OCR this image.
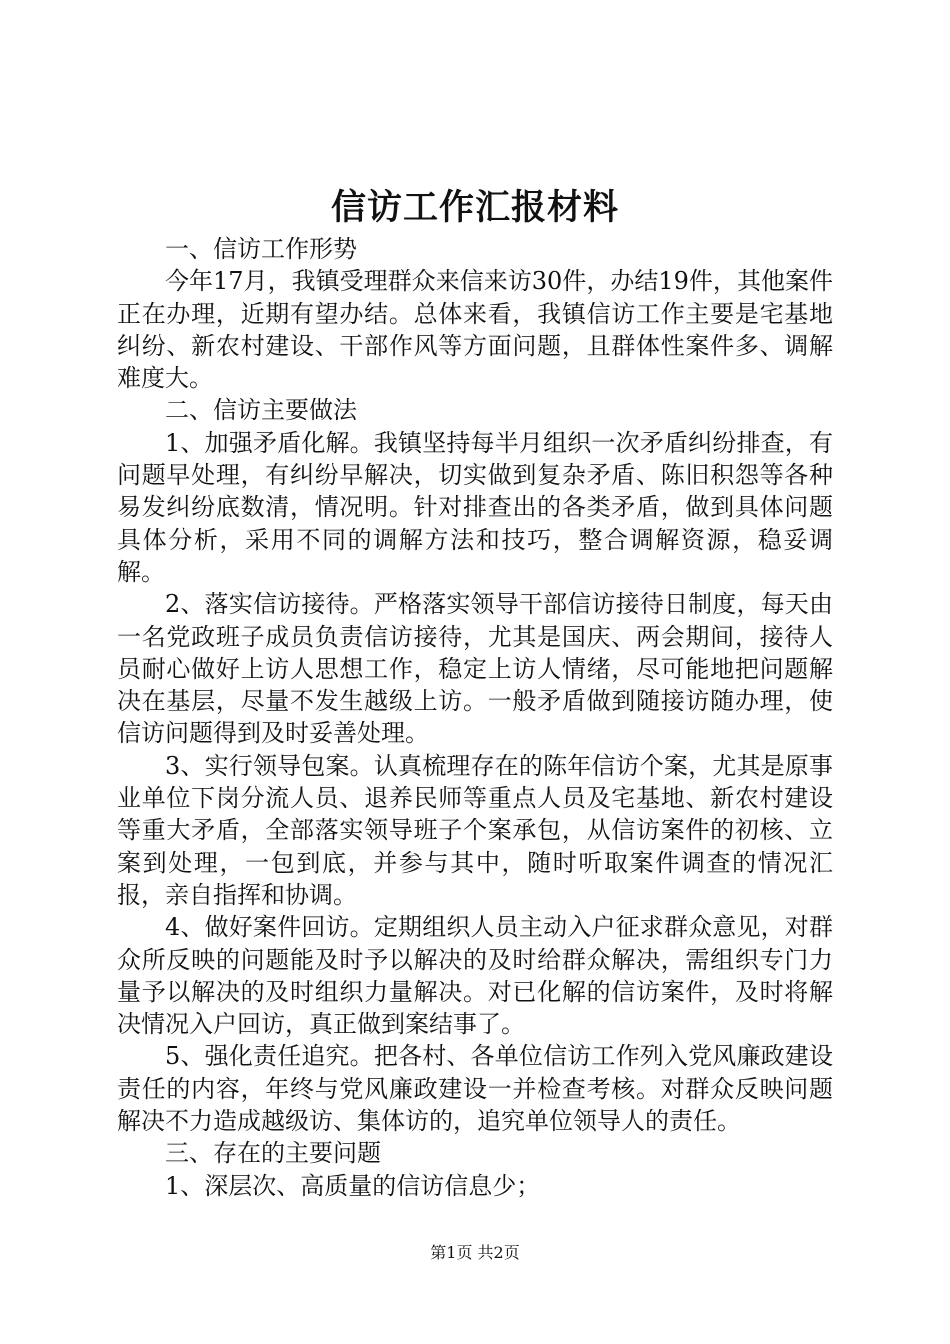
信访工作汇报材料

一、信访工作形势

今年17月，我镇受理群众来信来访30件，办结19件，其他案件正在办理，近期有望办结。总体来看，我镇信访工作主要是宅基地纠纷、新农村建设、干部作风等方面问题，且群体性案件多、调解难度大。

二、信访主要做法

1、加强矛盾化解。我镇坚持每半月组织一次矛盾纠纷排查，有问题早处理，有纠纷早解决，切实做到复杂矛盾、陈旧积怨等各种易发纠纷底数清，情况明。针对排查出的各类矛盾，做到具体问题具体分析，采用不同的调解方法和技巧，整合调解资源，稳妥调解。

2、落实信访接待。严格落实领导干部信访接待日制度，每天由一名党政班子成员负责信访接待，尤其是国庆、两会期间，接待人员耐心做好上访人思想工作，稳定上访人情绪，尽可能地把问题解决在基层，尽量不发生越级上访。一般矛盾做到随接访随办理，使信访问题得到及时妥善处理。

3、实行领导包案。认真梳理存在的陈年信访个案，尤其是原事业单位下岗分流人员、退养民师等重点人员及宅基地、新农村建设等重大矛盾，全部落实领导班子个案承包，从信访案件的初核、立案到处理，一包到底，并参与其中，随时听取案件调查的情况汇报，亲自指挥和协调。

4、做好案件回访。定期组织人员主动入户征求群众意见，对群众所反映的问题能及时予以解决的及时给群众解决，需组织专门力量予以解决的及时组织力量解决。对已化解的信访案件，及时将解决情况入户回访，真正做到案结事了。

5、强化责任追究。把各村、各单位信访工作列入党风廉政建设责任的内容，年终与党风廉政建设一并检查考核。对群众反映问题解决不力造成越级访、集体访的，追究单位领导人的责任。

三、存在的主要问题

1、深层次、高质量的信访信息少；

第1页 共2页
